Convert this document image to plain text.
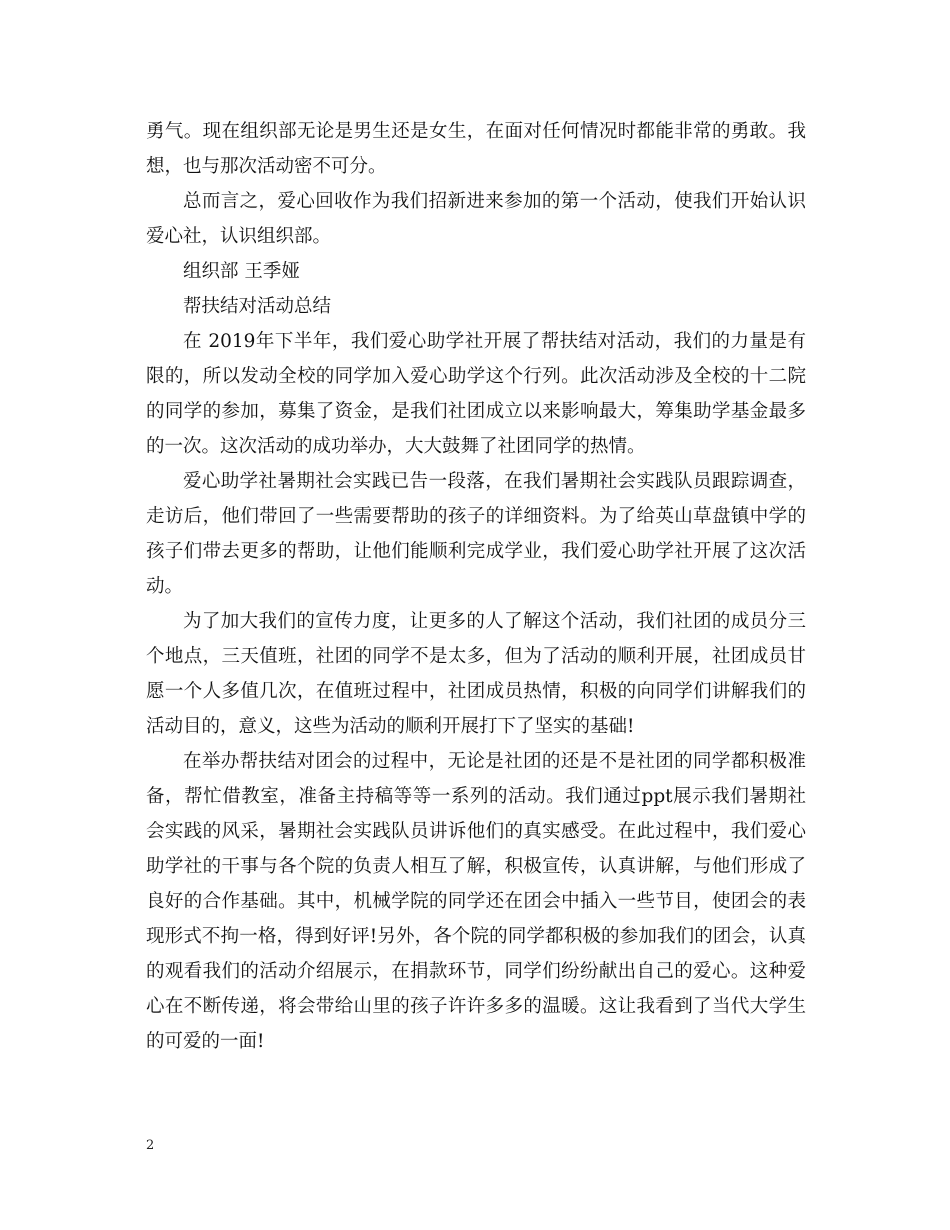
勇气。现在组织部无论是男生还是女生，在面对任何情况时都能非常的勇敢。我想，也与那次活动密不可分。

总而言之，爱心回收作为我们招新进来参加的第一个活动，使我们开始认识爱心社，认识组织部。

组织部 王季娅

帮扶结对活动总结

在 2019年下半年，我们爱心助学社开展了帮扶结对活动，我们的力量是有限的，所以发动全校的同学加入爱心助学这个行列。此次活动涉及全校的十二院的同学的参加，募集了资金，是我们社团成立以来影响最大，筹集助学基金最多的一次。这次活动的成功举办，大大鼓舞了社团同学的热情。

爱心助学社暑期社会实践已告一段落，在我们暑期社会实践队员跟踪调查，走访后，他们带回了一些需要帮助的孩子的详细资料。为了给英山草盘镇中学的孩子们带去更多的帮助，让他们能顺利完成学业，我们爱心助学社开展了这次活动。

为了加大我们的宣传力度，让更多的人了解这个活动，我们社团的成员分三个地点，三天值班，社团的同学不是太多，但为了活动的顺利开展，社团成员甘愿一个人多值几次，在值班过程中，社团成员热情，积极的向同学们讲解我们的活动目的，意义，这些为活动的顺利开展打下了坚实的基础!

在举办帮扶结对团会的过程中，无论是社团的还是不是社团的同学都积极准备，帮忙借教室，准备主持稿等等一系列的活动。我们通过ppt展示我们暑期社会实践的风采，暑期社会实践队员讲诉他们的真实感受。在此过程中，我们爱心助学社的干事与各个院的负责人相互了解，积极宣传，认真讲解，与他们形成了良好的合作基础。其中，机械学院的同学还在团会中插入一些节目，使团会的表现形式不拘一格，得到好评!另外，各个院的同学都积极的参加我们的团会，认真的观看我们的活动介绍展示，在捐款环节，同学们纷纷献出自己的爱心。这种爱心在不断传递，将会带给山里的孩子许许多多的温暖。这让我看到了当代大学生的可爱的一面!

2
